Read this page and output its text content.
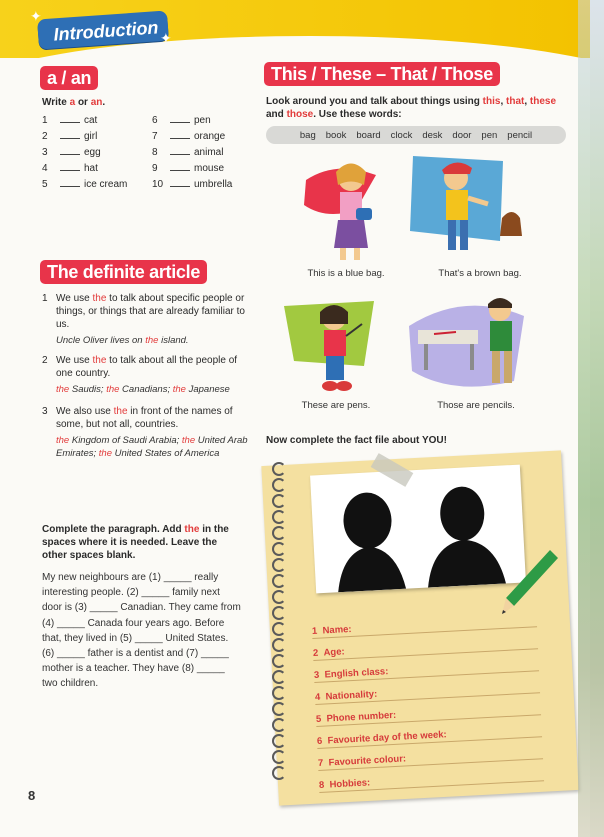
Introduction
✦
✦
a / an
Write a or an.
1	cat
2	girl
3	egg
4	hat
5	ice cream
6	pen
7	orange
8	animal
9	mouse
10	umbrella
The definite article
1 We use the to talk about specific people or things, or things that are already familiar to us.
Uncle Oliver lives on the island.
2 We use the to talk about all the people of one country.
the Saudis; the Canadians; the Japanese
3 We also use the in front of the names of some, but not all, countries.
the Kingdom of Saudi Arabia; the United Arab Emirates; the United States of America
Complete the paragraph. Add the in the spaces where it is needed. Leave the other spaces blank.
My new neighbours are (1) _____ really interesting people. (2) _____ family next door is (3) _____ Canadian. They came from (4) _____ Canada four years ago. Before that, they lived in (5) _____ United States. (6) _____ father is a dentist and (7) _____ mother is a teacher. They have (8) _____ two children.
This / These – That / Those
Look around you and talk about things using this, that, these and those. Use these words:
bag book board clock desk door pen pencil
This is a blue bag.	That's a brown bag.
These are pens.	Those are pencils.
Now complete the fact file about YOU!
1 Name:
2 Age:
3 English class:
4 Nationality:
5 Phone number:
6 Favourite day of the week:
7 Favourite colour:
8 Hobbies:
8
